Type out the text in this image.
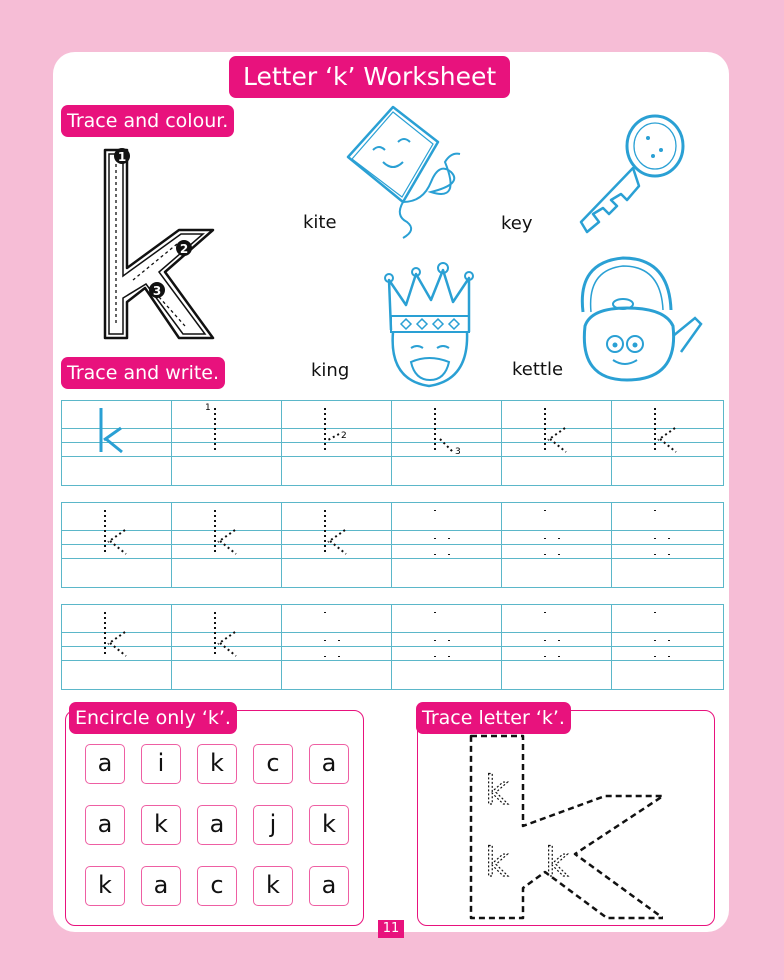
Letter ‘k’ Worksheet
Trace and colour.
1
2
3
kite	key
king	kettle
Trace and write.
1
2
3
Encircle only ‘k’.
a	i	k	c	a
a	k	a	j	k
k	a	c	k	a
Trace letter ‘k’.
k
k k
11
